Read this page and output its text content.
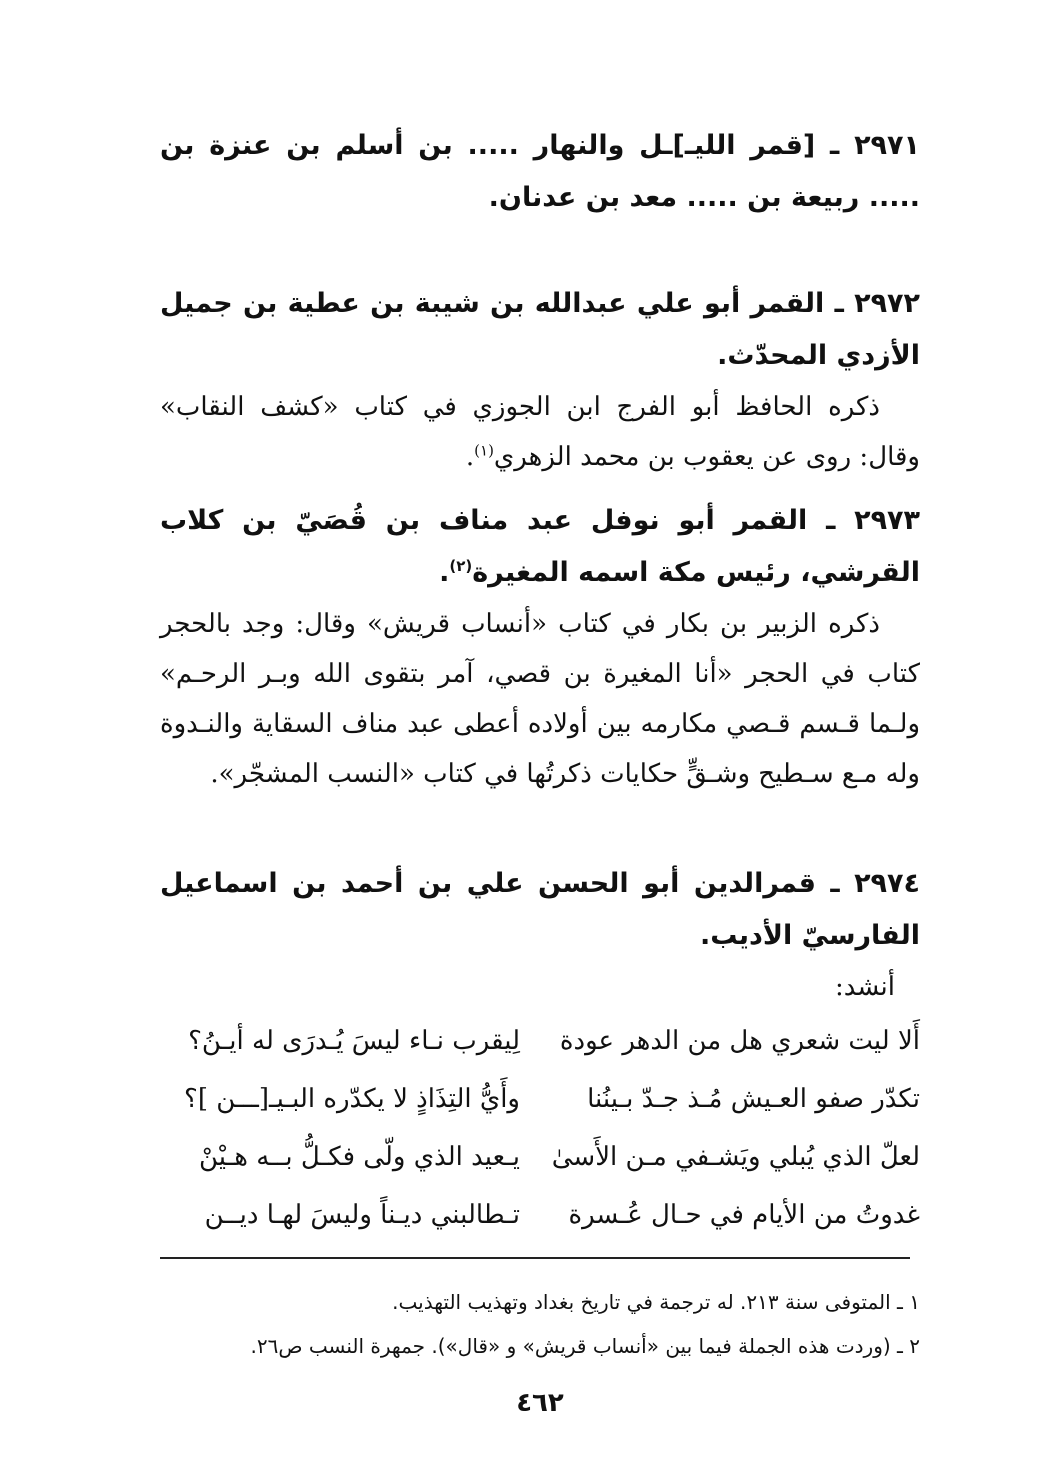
٢٩٧١ ـ [قمر الليـ]ـل والنهار ..... بن أسلم بن عنزة بن ..... ربيعة بن ..... معد بن عدنان.

٢٩٧٢ ـ القمر أبو علي عبدالله بن شيبة بن عطية بن جميل الأزدي المحدّث.

ذكره الحافظ أبو الفرج ابن الجوزي في كتاب «كشف النقاب» وقال: روى عن يعقوب بن محمد الزهري$^{(١)}$.

٢٩٧٣ ـ القمر أبو نوفل عبد مناف بن قُصَيّ بن كلاب القرشي، رئيس مكة اسمه المغيرة$^{(٢)}$.

ذكره الزبير بن بكار في كتاب «أنساب قريش» وقال: وجد بالحجر كتاب في الحجر «أنا المغيرة بن قصي، آمر بتقوى الله وبـر الرحـم» ولـما قـسم قـصي مكارمه بين أولاده أعطى عبد مناف السقاية والنـدوة وله مـع سـطيح وشـقٍّ حكايات ذكرتُها في كتاب «النسب المشجّر».

٢٩٧٤ ـ قمرالدين أبو الحسن علي بن أحمد بن اسماعيل الفارسيّ الأديب.

أنشد:

أَلا ليت شعري هل من الدهر عودة
لِيقرب نـاء ليسَ يُـدرَى له أيـنُ؟
تكدّر صفو العـيش مُـذ جـدّ بـينُنا
وأَيُّ التِذَاذٍ لا يكدّره البـيـ[ـــن ]؟
لعلّ الذي يُبلي ويَشـفي مـن الأَسىٰ
يـعيد الذي ولّى فكـلُّ بــه هـيْنْ
غدوتُ من الأيام في حـال عُـسرة
تـطالبني ديـناً وليسَ لهـا ديــن

١ ـ المتوفى سنة ٢١٣. له ترجمة في تاريخ بغداد وتهذيب التهذيب.

٢ ـ (وردت هذه الجملة فيما بين «أنساب قريش» و «قال»). جمهرة النسب ص٢٦.

٤٦٢
